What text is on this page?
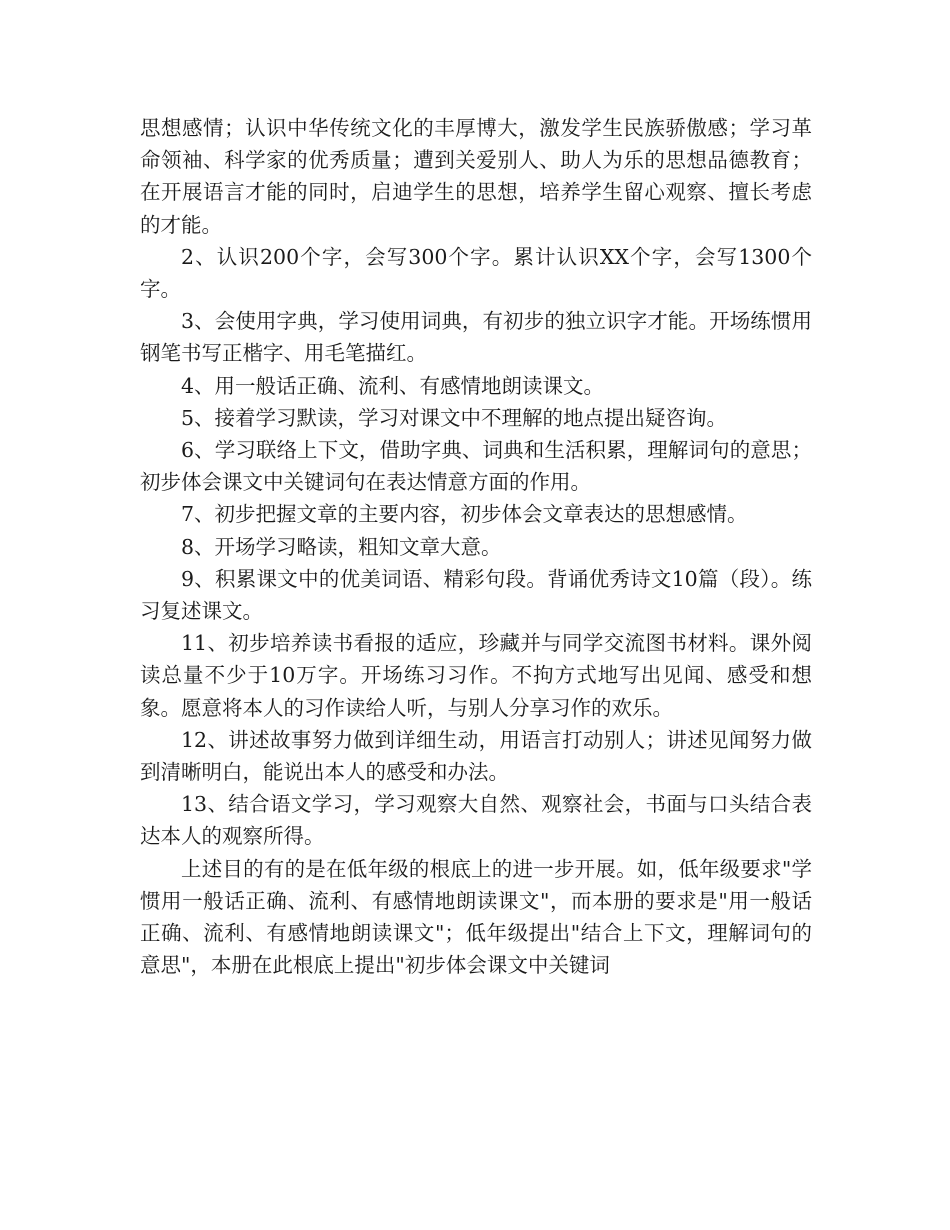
思想感情；认识中华传统文化的丰厚博大，激发学生民族骄傲感；学习革命领袖、科学家的优秀质量；遭到关爱别人、助人为乐的思想品德教育；在开展语言才能的同时，启迪学生的思想，培养学生留心观察、擅长考虑的才能。

2、认识200个字，会写300个字。累计认识XX个字，会写1300个字。

3、会使用字典，学习使用词典，有初步的独立识字才能。开场练惯用钢笔书写正楷字、用毛笔描红。

4、用一般话正确、流利、有感情地朗读课文。

5、接着学习默读，学习对课文中不理解的地点提出疑咨询。

6、学习联络上下文，借助字典、词典和生活积累，理解词句的意思；初步体会课文中关键词句在表达情意方面的作用。

7、初步把握文章的主要内容，初步体会文章表达的思想感情。

8、开场学习略读，粗知文章大意。

9、积累课文中的优美词语、精彩句段。背诵优秀诗文10篇（段）。练习复述课文。

11、初步培养读书看报的适应，珍藏并与同学交流图书材料。课外阅读总量不少于10万字。开场练习习作。不拘方式地写出见闻、感受和想象。愿意将本人的习作读给人听，与别人分享习作的欢乐。

12、讲述故事努力做到详细生动，用语言打动别人；讲述见闻努力做到清晰明白，能说出本人的感受和办法。

13、结合语文学习，学习观察大自然、观察社会，书面与口头结合表达本人的观察所得。

上述目的有的是在低年级的根底上的进一步开展。如，低年级要求"学惯用一般话正确、流利、有感情地朗读课文"，而本册的要求是"用一般话正确、流利、有感情地朗读课文"；低年级提出"结合上下文，理解词句的意思"，本册在此根底上提出"初步体会课文中关键词
